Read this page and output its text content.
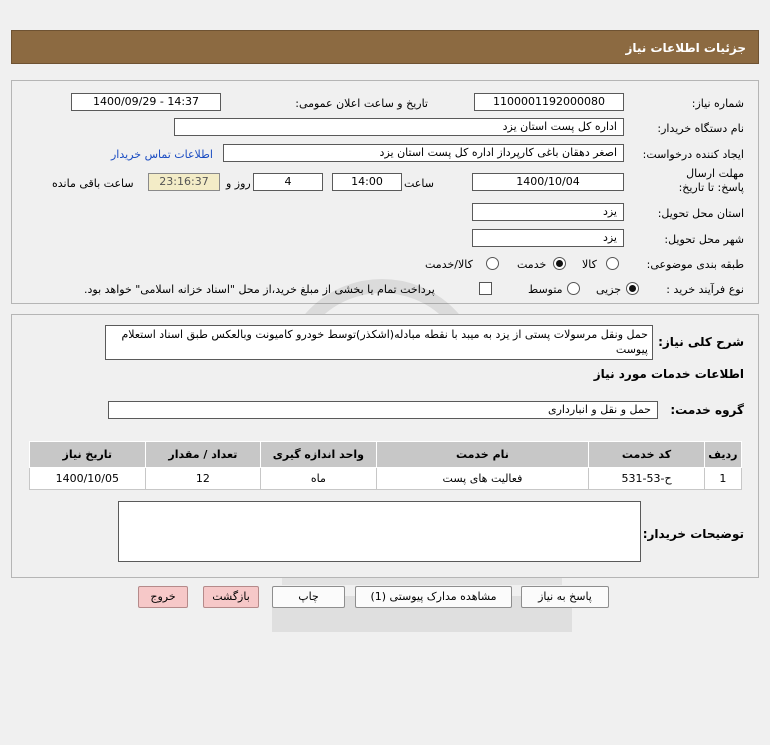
جزئیات اطلاعات نیاز
شماره نیاز:
1100001192000080
تاریخ و ساعت اعلان عمومی:
1400/09/29 - 14:37
نام دستگاه خریدار:
اداره کل پست استان یزد
ایجاد کننده درخواست:
اصغر دهقان باغی کارپرداز اداره کل پست استان یزد
اطلاعات تماس خریدار
مهلت ارسال پاسخ: تا تاریخ:
1400/10/04
ساعت
14:00
4
روز و
23:16:37
ساعت باقی مانده
استان محل تحویل:
یزد
شهر محل تحویل:
یزد
طبقه بندی موضوعی:
کالا
خدمت
کالا/خدمت
نوع فرآیند خرید :
جزیی
متوسط
پرداخت تمام یا بخشی از مبلغ خرید،از محل "اسناد خزانه اسلامی" خواهد بود.
شرح کلی نیاز:
حمل ونقل مرسولات پستی از یزد به میبد با نقطه مبادله(اشکذر)توسط خودرو کامیونت وبالعکس طبق اسناد استعلام پیوست
اطلاعات خدمات مورد نیاز
گروه خدمت:
حمل و نقل و انبارداری
ردیف	کد خدمت	نام خدمت	واحد اندازه گیری	تعداد / مقدار	تاریخ نیاز
1	ح-53-531	فعالیت های پست	ماه	12	1400/10/05
توضیحات خریدار:
پاسخ به نیاز
مشاهده مدارک پیوستی (1)
چاپ
بازگشت
خروج
